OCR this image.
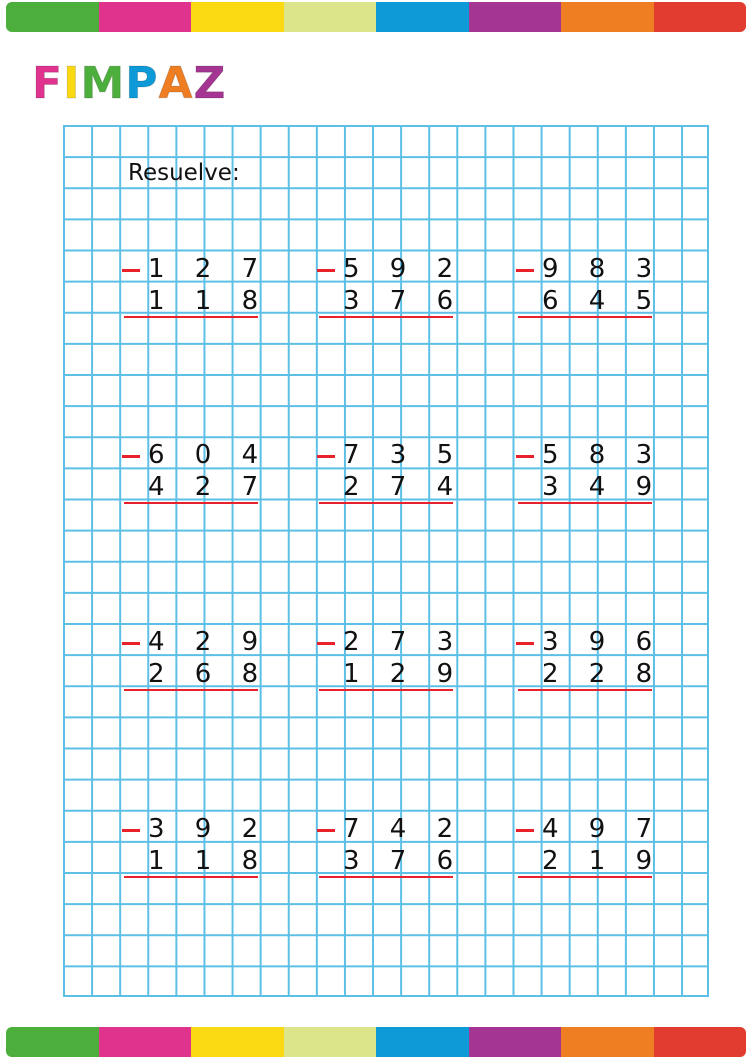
F I M P A Z
Resuelve:
1 2 7
1 1 8
5 9 2
3 7 6
9 8 3
6 4 5
6 0 4
4 2 7
7 3 5
2 7 4
5 8 3
3 4 9
4 2 9
2 6 8
2 7 3
1 2 9
3 9 6
2 2 8
3 9 2
1 1 8
7 4 2
3 7 6
4 9 7
2 1 9
